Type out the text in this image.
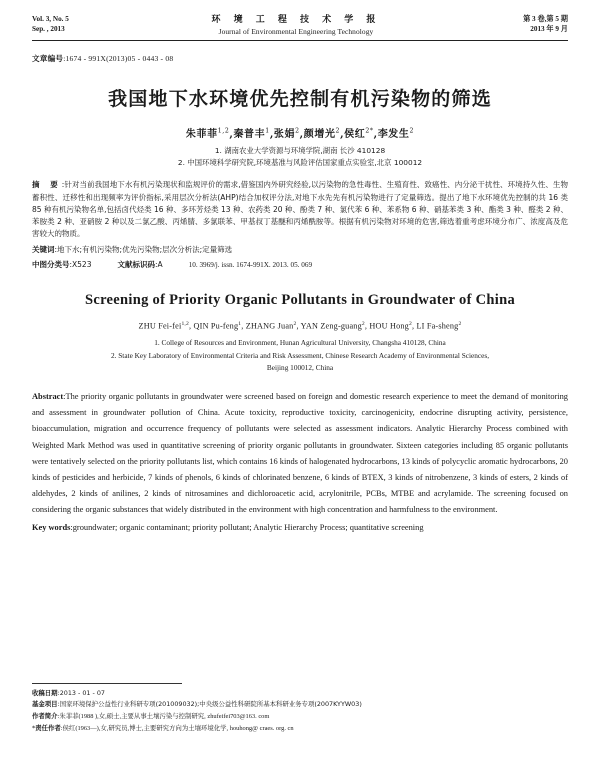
Vol. 3, No. 5
Sep. , 2013
环 境 工 程 技 术 学 报
Journal of Environmental Engineering Technology
第 3 卷,第 5 期
2013 年 9 月
文章编号:1674 - 991X(2013)05 - 0443 - 08
我国地下水环境优先控制有机污染物的筛选
朱菲菲$^{1,2}$,秦普丰$^1$,张娟$^2$,颜增光$^2$,侯红$^{2*}$,李发生$^2$
1. 湖南农业大学资源与环境学院,湖南 长沙 410128
2. 中国环境科学研究院,环境基准与风险评估国家重点实验室,北京 100012
摘 要:针对当前我国地下水有机污染现状和监规评价的需求,借鉴国内外研究经验,以污染物的急性毒性、生殖育性、致癌性、内分泌干扰性、环境持久性、生物蓄积性、迁移性和出现频率为评价指标,采用层次分析法(AHP)结合加权评分法,对地下水先先有机污染物进行了定量筛选。提出了地下水环境优先控制的共 16 类 85 种有机污染物名单,包括卤代烃类 16 种、多环芳烃类 13 种、农药类 20 种、酚类 7 种、氯代苯 6 种、苯系物 6 种、硝基苯类 3 种、酯类 3 种、醛类 2 种、苯胺类 2 种、亚硝胺 2 种以及二氯乙酸、丙烯腈、多氯联苯、甲基叔丁基醚和丙烯酰胺等。根据有机污染物对环境的危害,筛选着重考虑环境分布广、浓度高及危害较大的物质。
关键词:地下水;有机污染物;优先污染物;层次分析法;定量筛选
中图分类号:X523	文献标识码:A	10. 3969/j. issn. 1674-991X. 2013. 05. 069
Screening of Priority Organic Pollutants in Groundwater of China
ZHU Fei-fei$^{1,2}$, QIN Pu-feng$^1$, ZHANG Juan$^2$, YAN Zeng-guang$^2$, HOU Hong$^2$, LI Fa-sheng$^2$
1. College of Resources and Environment, Hunan Agricultural University, Changsha 410128, China
2. State Key Laboratory of Environmental Criteria and Risk Assessment, Chinese Research Academy of Environmental Sciences,
Beijing 100012, China
Abstract:The priority organic pollutants in groundwater were screened based on foreign and domestic research experience to meet the demand of monitoring and assessment in groundwater pollution of China. Acute toxicity, reproductive toxicity, carcinogenicity, endocrine disrupting activity, persistence, bioaccumulation, migration and occurrence frequency of pollutants were selected as assessment indicators. Analytic Hierarchy Process combined with Weighted Mark Method was used in quantitative screening of priority organic pollutants in groundwater. Sixteen categories including 85 organic pollutants were tentatively selected on the priority pollutants list, which contains 16 kinds of halogenated hydrocarbons, 13 kinds of polycyclic aromatic hydrocarbons, 20 kinds of pesticides and herbicide, 7 kinds of phenols, 6 kinds of chlorinated benzene, 6 kinds of BTEX, 3 kinds of nitrobenzene, 3 kinds of esters, 2 kinds of aldehydes, 2 kinds of anilines, 2 kinds of nitrosamines and dichloroacetic acid, acrylonitrile, PCBs, MTBE and acrylamide. The screening focused on considering the organic substances that widely distributed in the environment with high concentration and harmfulness to the environment.
Key words:groundwater; organic contaminant; priority pollutant; Analytic Hierarchy Process; quantitative screening
收稿日期:2013 - 01 - 07
基金项目:国家环境保护公益性行业科研专项(201009032);中央级公益性科研院所基本科研业务专项(2007KYYW03)
作者简介:朱菲菲(1988 ),女,硕士,主要从事土壤污染与控制研究, zhufeifei703@163. com
*责任作者:侯红(1963—),女,研究员,博士,主要研究方向为土壤环境化学, houhong@ craes. org. cn
